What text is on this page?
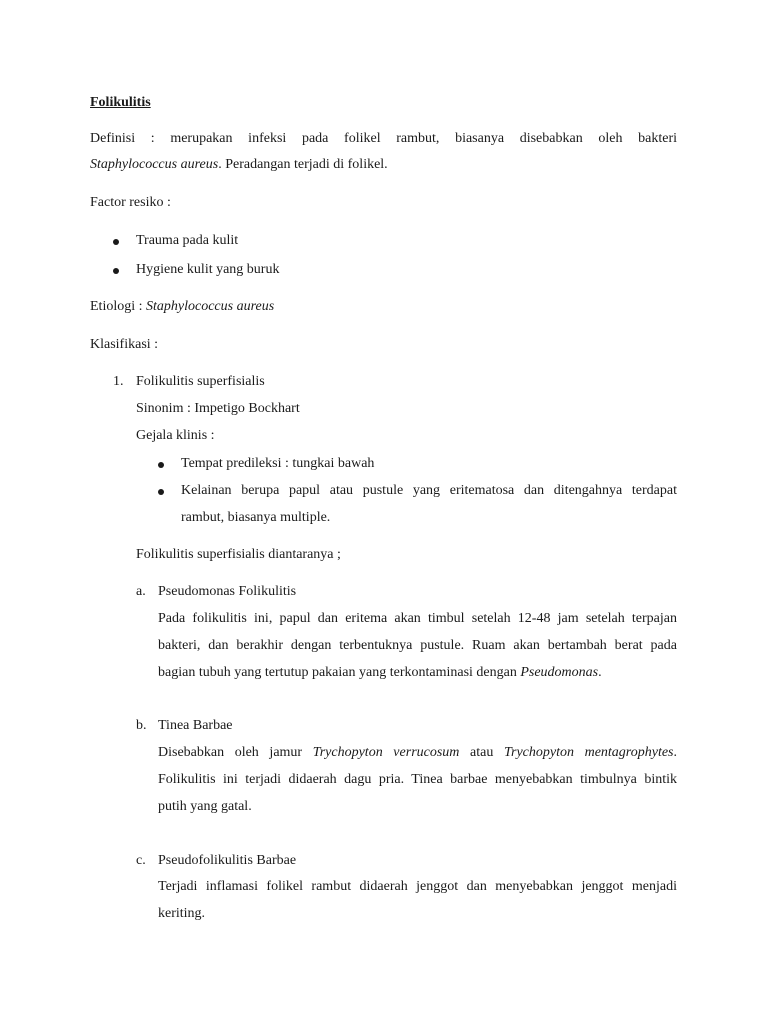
Folikulitis
Definisi : merupakan infeksi pada folikel rambut, biasanya disebabkan oleh bakteri
Staphylococcus aureus. Peradangan terjadi di folikel.
Factor resiko :
Trauma pada kulit
Hygiene kulit yang buruk
Etiologi : Staphylococcus aureus
Klasifikasi :
1. Folikulitis superfisialis
Sinonim : Impetigo Bockhart
Gejala klinis :
Tempat predileksi : tungkai bawah
Kelainan berupa papul atau pustule yang eritematosa dan ditengahnya terdapat
rambut, biasanya multiple.
Folikulitis superfisialis diantaranya ;
a. Pseudomonas Folikulitis
Pada folikulitis ini, papul dan eritema akan timbul setelah 12-48 jam setelah terpajan
bakteri, dan berakhir dengan terbentuknya pustule. Ruam akan bertambah berat pada
bagian tubuh yang tertutup pakaian yang terkontaminasi dengan Pseudomonas.
b. Tinea Barbae
Disebabkan oleh jamur Trychopyton verrucosum atau Trychopyton mentagrophytes.
Folikulitis ini terjadi didaerah dagu pria. Tinea barbae menyebabkan timbulnya bintik
putih yang gatal.
c. Pseudofolikulitis Barbae
Terjadi inflamasi folikel rambut didaerah jenggot dan menyebabkan jenggot menjadi
keriting.
